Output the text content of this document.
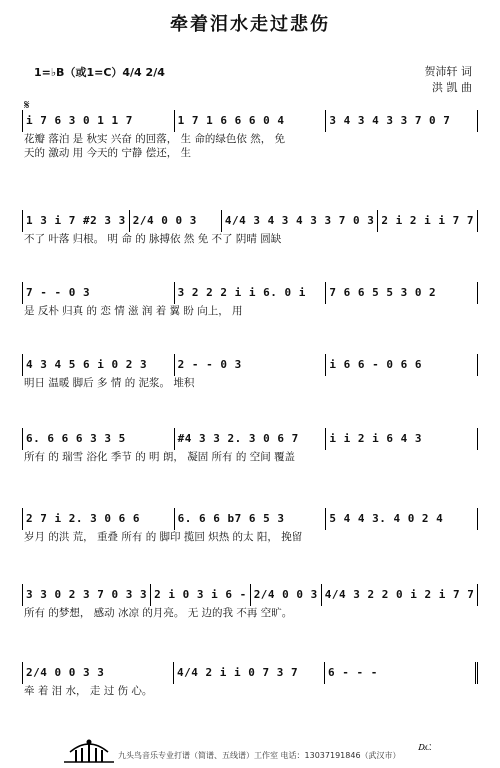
牵着泪水走过悲伤
1=♭B（或1=C）4/4 2/4	贺沛轩 词
洪 凯 曲
𝄋
i 7 6 3 0 1 1 7	1 7 1 6 6 6 0 4	3 4 3 4 3 3 7 0 7
花瓣 落泊 是 秋实 兴奋 的回落， 生 命的绿色依 然， 免
天的 激动 用 今天的 宁静 偿还， 生
1 3 i 7 #2 3 3 2/4 0 0 3	4/4 3 4 3 4 3 3 7 0 3 2 i 2 i i 7 7
不了 叶落 归根。 明 命 的 脉搏依 然 免 不了 阴晴 圆缺
7 - - 0 3	3 2 2 2 i i 6. 0 i	7 6 6 5 5 3 0 2
是 反朴 归真 的 恋 情 滋 润 着 翼 盼 向上， 用
4 3 4 5 6 i 0 2 3	2 - - 0 3	i 6 6 - 0 6 6
明日 温暖 脚后 多 情 的 泥浆。 堆积
6. 6 6 6 3 3 5	#4 3 3 2. 3 0 6 7	i i 2 i 6 4 3
所有 的 瑞雪 浴化 季节 的 明 朗， 凝固 所有 的 空间 覆盖
2 7 i 2. 3 0 6 6	6. 6 6 b7 6 5 3	5 4 4 3. 4 0 2 4
岁月 的洪 荒， 重叠 所有 的 脚印 揽回 炽热 的太 阳， 挽留
3 3 0 2 3 7 0 3 3 2 i 0 3 i 6 - 2/4 0 0 3 4/4 3 2 2 0 i 2 i 7 7
所有 的梦想， 感动 冰凉 的月亮。 无 边的我 不再 空旷。
2/4 0 0 3 3	4/4 2 i i 0 7 3 7	6 - - -
牵 着 泪 水， 走 过 伤 心。
九头鸟音乐专业打谱（简谱、五线谱）工作室 电话：13037191846（武汉市） 𝄊
